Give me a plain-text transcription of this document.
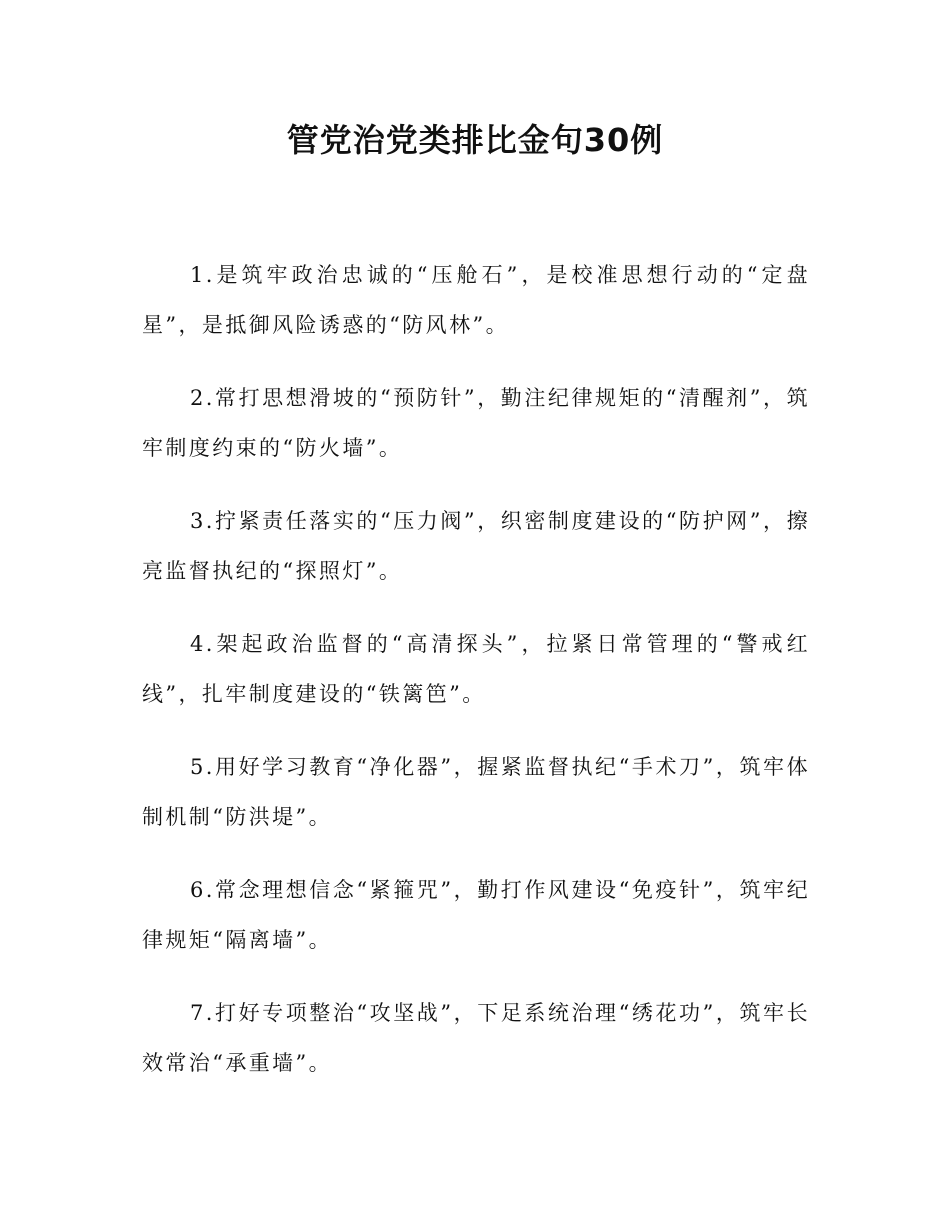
管党治党类排比金句30例
1.是筑牢政治忠诚的“压舱石”，是校准思想行动的“定盘星”，是抵御风险诱惑的“防风林”。
2.常打思想滑坡的“预防针”，勤注纪律规矩的“清醒剂”，筑牢制度约束的“防火墙”。
3.拧紧责任落实的“压力阀”，织密制度建设的“防护网”，擦亮监督执纪的“探照灯”。
4.架起政治监督的“高清探头”，拉紧日常管理的“警戒红线”，扎牢制度建设的“铁篱笆”。
5.用好学习教育“净化器”，握紧监督执纪“手术刀”，筑牢体制机制“防洪堤”。
6.常念理想信念“紧箍咒”，勤打作风建设“免疫针”，筑牢纪律规矩“隔离墙”。
7.打好专项整治“攻坚战”，下足系统治理“绣花功”，筑牢长效常治“承重墙”。
